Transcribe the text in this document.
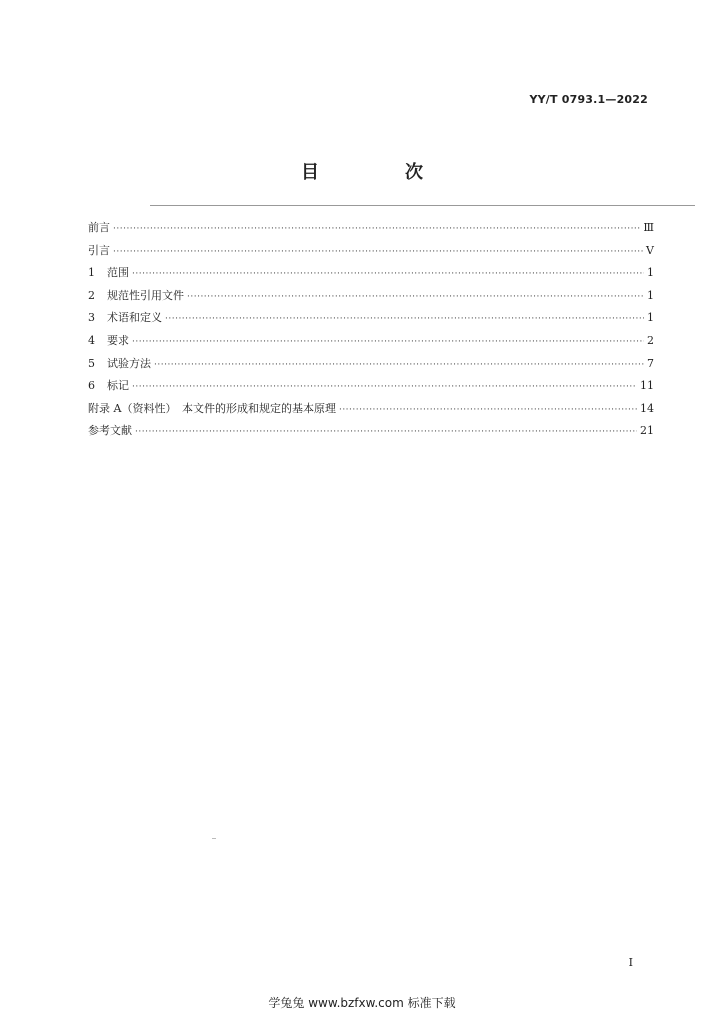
YY/T 0793.1—2022
目　次
前言 ·····	Ⅲ
引言 ·····	Ⅴ
1	范围 ·····	1
2	规范性引用文件 ·····	1
3	术语和定义 ·····	1
4	要求 ·····	2
5	试验方法 ·····	7
6	标记 ·····	11
附录 A（资料性）　本文件的形成和规定的基本原理 ·····	14
参考文献 ·····	21
I
学兔兔 www.bzfxw.com 标准下载
